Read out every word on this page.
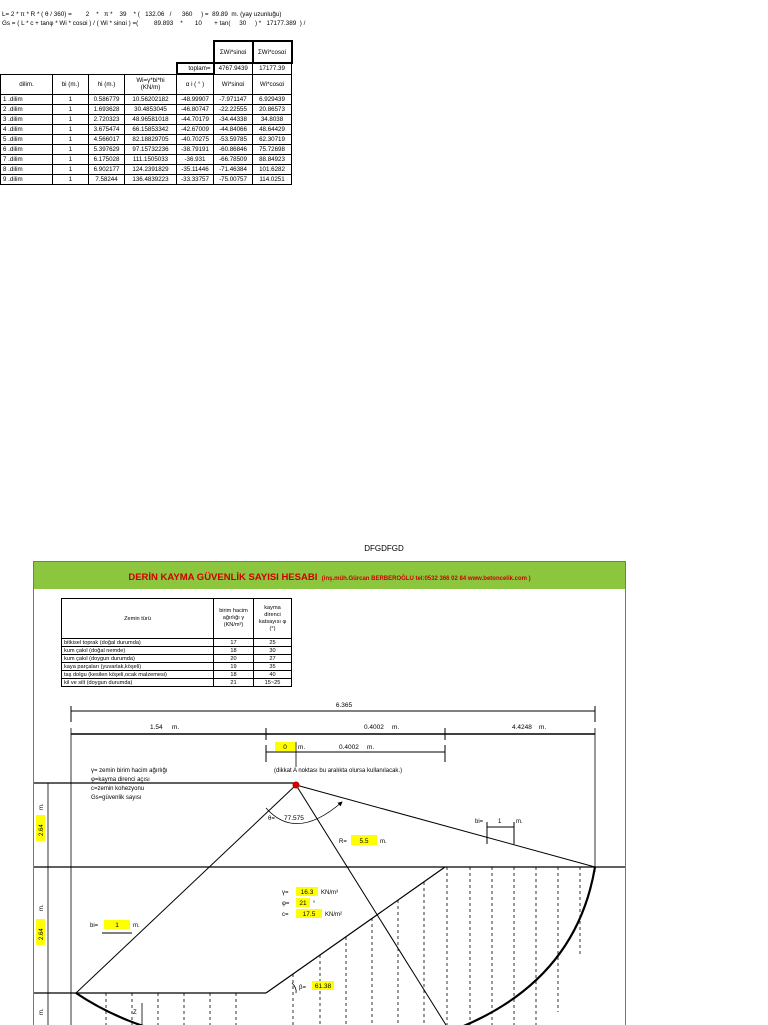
L= 2 * π * R * ( θ / 360) =        2    *   π *    39    * (   132.06   /      360     ) =  89.89  m. (yay uzunluğu)
Gs = ( L * c + tanφ * Wi * cosαi ) / ( Wi * sinαi ) =(         89.893    *       10       + tan(     30     ) *   17177.389  ) /
					ΣWi*sinαi	ΣWi*cosαi
				toplam=	4767.9439	17177.39
dilim.	bi (m.)	hi (m.)	Wi=γ*bi*hi (KN/m)	α i ( ° )	Wi*sinαi	Wi*cosαi
1 .dilim	1	0.586779	10.56202182	-48.99907	-7.971147	6.929439
2 .dilim	1	1.693628	30.4853045	-46.80747	-22.22555	20.86573
3 .dilim	1	2.720323	48.96581018	-44.70179	-34.44338	34.8038
4 .dilim	1	3.675474	66.15853342	-42.67009	-44.84066	48.64429
5 .dilim	1	4.566017	82.18829705	-40.70275	-53.59785	62.30719
6 .dilim	1	5.397629	97.15732236	-38.79191	-60.86846	75.72698
7 .dilim	1	6.175028	111.1505033	-36.931	-66.78509	88.84923
8 .dilim	1	6.902177	124.2391829	-35.11446	-71.46384	101.6282
9 .dilim	1	7.58244	136.4839223	-33.33757	-75.00757	114.0251
DFGDFGD
DERİN KAYMA GÜVENLİK SAYISI HESABI (inş.müh.Gürcan BERBEROĞLU tel:0532 366 02 84 www.betoncelik.com )
Zemin türü	birim hacim ağırlığı γ (KN/m³)	kayma direnci katsayısı φ (°)
bitkisel toprak (doğal durumda)	17	25
kum çakıl (doğal nemde)	18	30
kum çakıl (doygun durumda)	20	27
kaya parçaları (yuvarlak,köşeli)	19	35
taş dolgu (kesilen köşeli,ocak malzemesi)	18	40
kil ve silt (doygun durumda)	21	15~25
6.365
1.54 m.	0.4002 m.	4.4248 m.
0 m.	0.4002 m.
(dikkat A noktası bu aralıkta olursa kullanılacak.)
γ= zemin birim hacim ağırlığı
φ=kayma direnci açısı
c=zemin kohezyonu
Gs=güvenlik sayısı
2.64
m.
2.64
m.
m.
θ= 77.575
R= 5.5 m.
bi= 1 m.
bi=	1 m.
γ= 16.3 KN/m³
φ= 21 °
c= 17.5 KN/m²
β= 61.38
Z
